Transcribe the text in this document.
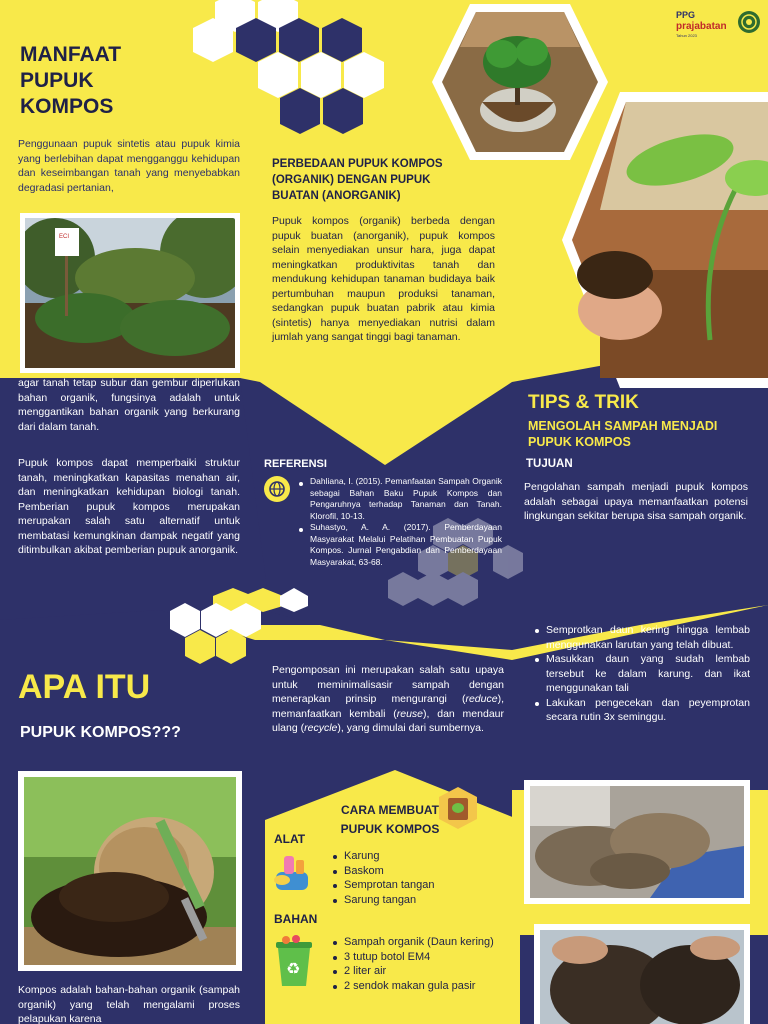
PPG
prajabatan
Tahun 2023
MANFAAT
PUPUK
KOMPOS

Penggunaan pupuk sintetis atau pupuk kimia yang berlebihan dapat mengganggu kehidupan dan keseimbangan tanah yang menyebabkan degradasi pertanian,

ECI

agar tanah tetap subur dan gembur diperlukan bahan organik, fungsinya adalah untuk menggantikan bahan organik yang berkurang dari dalam tanah.

Pupuk kompos dapat memperbaiki struktur tanah, meningkatkan kapasitas menahan air, dan meningkatkan kehidupan biologi tanah. Pemberian pupuk kompos merupakan merupakan salah satu alternatif untuk membatasi kemungkinan dampak negatif yang ditimbulkan akibat pemberian pupuk anorganik.

PERBEDAAN PUPUK KOMPOS (ORGANIK) DENGAN PUPUK BUATAN (ANORGANIK)

Pupuk kompos (organik) berbeda dengan pupuk buatan (anorganik), pupuk kompos selain menyediakan unsur hara, juga dapat meningkatkan produktivitas tanah dan mendukung kehidupan tanaman budidaya baik pertumbuhan maupun produksi tanaman, sedangkan pupuk buatan pabrik atau kimia (sintetis) hanya menyediakan nutrisi dalam jumlah yang sangat tinggi bagi tanaman.

REFERENSI
Dahliana, I. (2015). Pemanfaatan Sampah Organik sebagai Bahan Baku Pupuk Kompos dan Pengaruhnya terhadap Tanaman dan Tanah. Klorofil, 10-13.
Suhastyo, A. A. (2017). Pemberdayaan Masyarakat Melalui Pelatihan Pembuatan Pupuk Kompos. Jurnal Pengabdian dan Pemberdayaan Masyarakat, 63-68.
TIPS & TRIK
MENGOLAH SAMPAH MENJADI PUPUK KOMPOS
TUJUAN

Pengolahan sampah menjadi pupuk kompos adalah sebagai upaya memanfaatkan potensi lingkungan sekitar berupa sisa sampah organik.

APA ITU
PUPUK KOMPOS???

Kompos adalah bahan-bahan organik (sampah organik) yang telah mengalami proses pelapukan karena

Pengomposan ini merupakan salah satu upaya untuk meminimalisasir sampah dengan menerapkan prinsip mengurangi (reduce), memanfaatkan kembali (reuse), dan mendaur ulang (recycle), yang dimulai dari sumbernya.

Semprotkan daun kering hingga lembab menggunakan larutan yang telah dibuat.
Masukkan daun yang sudah lembab tersebut ke dalam karung. dan ikat menggunakan tali
Lakukan pengecekan dan peyemprotan secara rutin 3x seminggu.
CARA MEMBUAT PUPUK KOMPOS
ALAT
Karung
Baskom
Semprotan tangan
Sarung tangan
BAHAN
♻
Sampah organik (Daun kering)
3 tutup botol EM4
2 liter air
2 sendok makan gula pasir
